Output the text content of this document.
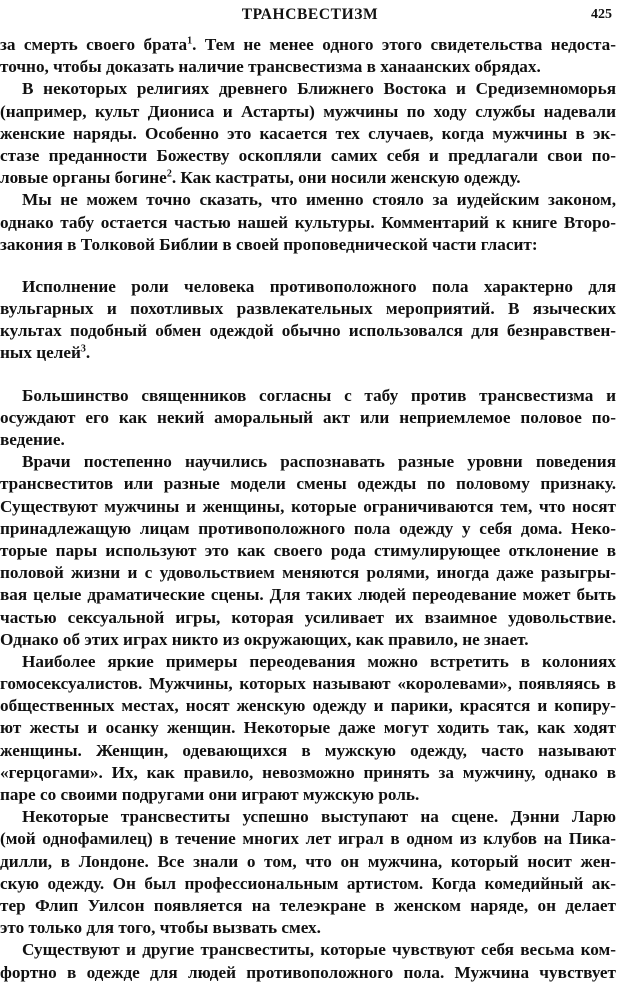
ТРАНСВЕСТИЗМ	425
за смерть своего брата$^1$. Тем не менее одного этого свидетельства недоста-
точно, чтобы доказать наличие трансвестизма в ханаанских обрядах.
В некоторых религиях древнего Ближнего Востока и Средиземноморья
(например, культ Диониса и Астарты) мужчины по ходу службы надевали
женские наряды. Особенно это касается тех случаев, когда мужчины в эк-
стазе преданности Божеству оскопляли самих себя и предлагали свои по-
ловые органы богине$^2$. Как кастраты, они носили женскую одежду.
Мы не можем точно сказать, что именно стояло за иудейским законом,
однако табу остается частью нашей культуры. Комментарий к книге Второ-
закония в Толковой Библии в своей проповеднической части гласит:
Исполнение роли человека противоположного пола характерно для
вульгарных и похотливых развлекательных мероприятий. В языческих
культах подобный обмен одеждой обычно использовался для безнравствен-
ных целей$^3$.
Большинство священников согласны с табу против трансвестизма и
осуждают его как некий аморальный акт или неприемлемое половое по-
ведение.
Врачи постепенно научились распознавать разные уровни поведения
трансвеститов или разные модели смены одежды по половому признаку.
Существуют мужчины и женщины, которые ограничиваются тем, что носят
принадлежащую лицам противоположного пола одежду у себя дома. Неко-
торые пары используют это как своего рода стимулирующее отклонение в
половой жизни и с удовольствием меняются ролями, иногда даже разыгры-
вая целые драматические сцены. Для таких людей переодевание может быть
частью сексуальной игры, которая усиливает их взаимное удовольствие.
Однако об этих играх никто из окружающих, как правило, не знает.
Наиболее яркие примеры переодевания можно встретить в колониях
гомосексуалистов. Мужчины, которых называют «королевами», появляясь в
общественных местах, носят женскую одежду и парики, красятся и копиру-
ют жесты и осанку женщин. Некоторые даже могут ходить так, как ходят
женщины. Женщин, одевающихся в мужскую одежду, часто называют
«герцогами». Их, как правило, невозможно принять за мужчину, однако в
паре со своими подругами они играют мужскую роль.
Некоторые трансвеститы успешно выступают на сцене. Дэнни Ларю
(мой однофамилец) в течение многих лет играл в одном из клубов на Пика-
дилли, в Лондоне. Все знали о том, что он мужчина, который носит жен-
скую одежду. Он был профессиональным артистом. Когда комедийный ак-
тер Флип Уилсон появляется на телеэкране в женском наряде, он делает
это только для того, чтобы вызвать смех.
Существуют и другие трансвеститы, которые чувствуют себя весьма ком-
фортно в одежде для людей противоположного пола. Мужчина чувствует
